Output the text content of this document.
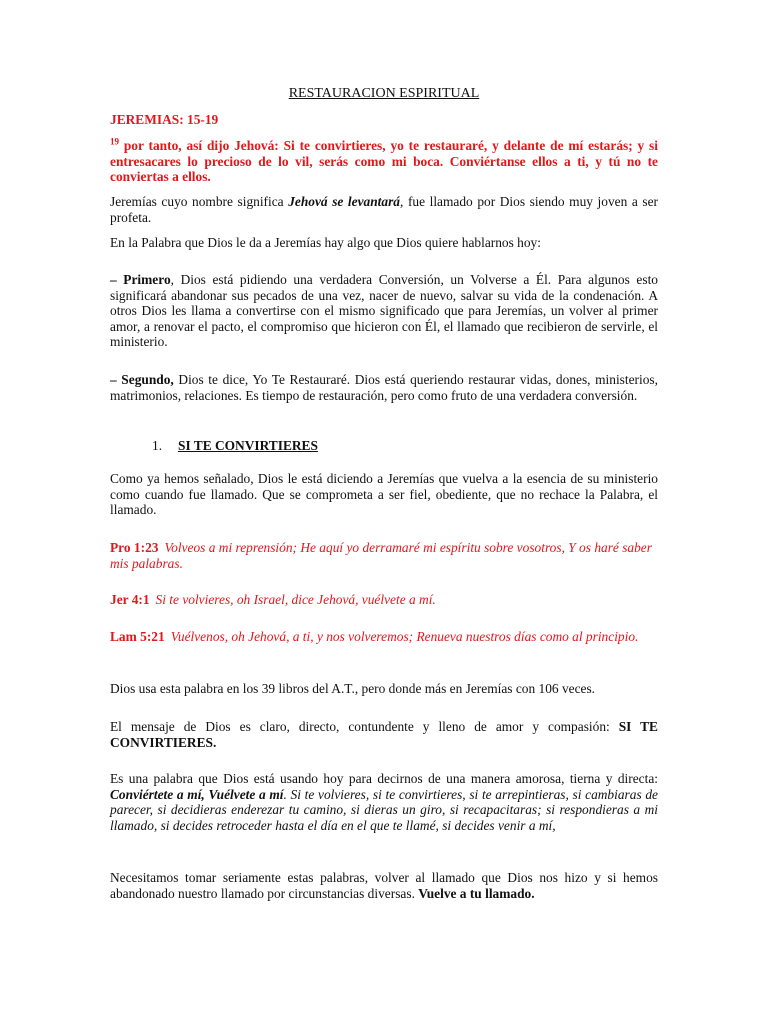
RESTAURACION ESPIRITUAL

JEREMIAS: 15-19

$^{19}$ por tanto, así dijo Jehová: Si te convirtieres, yo te restauraré, y delante de mí estarás; y si entresacares lo precioso de lo vil, serás como mi boca. Conviértanse ellos a ti, y tú no te conviertas a ellos.

Jeremías cuyo nombre significa Jehová se levantará, fue llamado por Dios siendo muy joven a ser profeta.

En la Palabra que Dios le da a Jeremías hay algo que Dios quiere hablarnos hoy:

– Primero, Dios está pidiendo una verdadera Conversión, un Volverse a Él. Para algunos esto significará abandonar sus pecados de una vez, nacer de nuevo, salvar su vida de la condenación. A otros Dios les llama a convertirse con el mismo significado que para Jeremías, un volver al primer amor, a renovar el pacto, el compromiso que hicieron con Él, el llamado que recibieron de servirle, el ministerio.

– Segundo, Dios te dice, Yo Te Restauraré. Dios está queriendo restaurar vidas, dones, ministerios, matrimonios, relaciones. Es tiempo de restauración, pero como fruto de una verdadera conversión.

1. SI TE CONVIRTIERES

Como ya hemos señalado, Dios le está diciendo a Jeremías que vuelva a la esencia de su ministerio como cuando fue llamado. Que se comprometa a ser fiel, obediente, que no rechace la Palabra, el llamado.

Pro 1:23 Volveos a mi reprensión; He aquí yo derramaré mi espíritu sobre vosotros, Y os haré saber mis palabras.

Jer 4:1 Si te volvieres, oh Israel, dice Jehová, vuélvete a mí.

Lam 5:21 Vuélvenos, oh Jehová, a ti, y nos volveremos; Renueva nuestros días como al principio.

Dios usa esta palabra en los 39 libros del A.T., pero donde más en Jeremías con 106 veces.

El mensaje de Dios es claro, directo, contundente y lleno de amor y compasión: SI TE CONVIRTIERES.

Es una palabra que Dios está usando hoy para decirnos de una manera amorosa, tierna y directa: Conviértete a mí, Vuélvete a mí. Si te volvieres, si te convirtieres, si te arrepintieras, si cambiaras de parecer, si decidieras enderezar tu camino, si dieras un giro, si recapacitaras; si respondieras a mi llamado, si decides retroceder hasta el día en el que te llamé, si decides venir a mí,

Necesitamos tomar seriamente estas palabras, volver al llamado que Dios nos hizo y si hemos abandonado nuestro llamado por circunstancias diversas. Vuelve a tu llamado.
